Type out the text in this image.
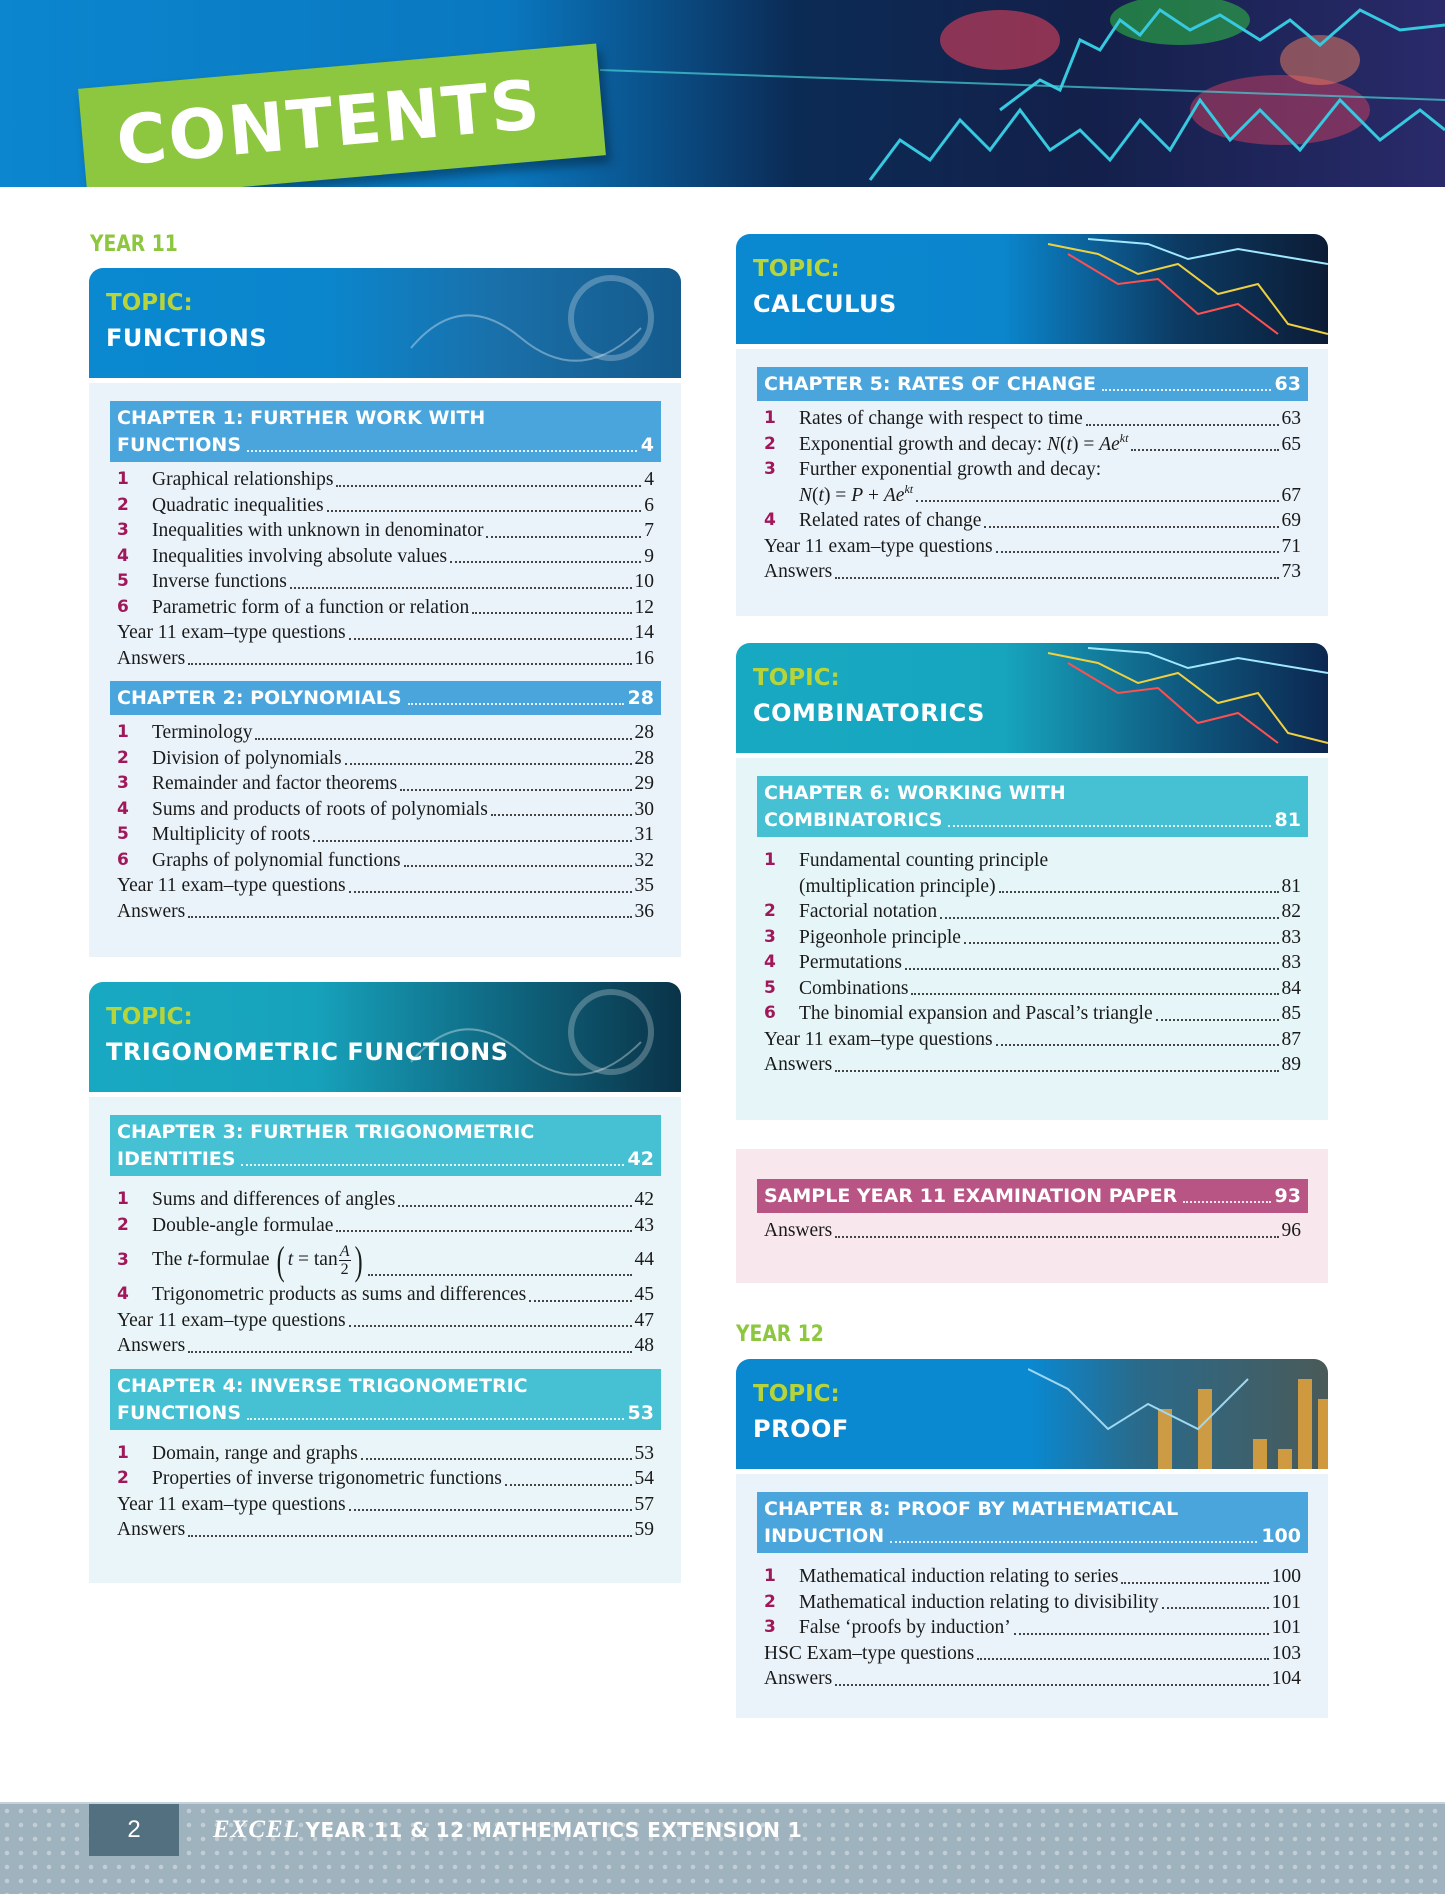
CONTENTS
YEAR 11
YEAR 12
TOPIC:
FUNCTIONS
CHAPTER 1: FURTHER WORK WITH
FUNCTIONS	4
1	Graphical relationships	4
2	Quadratic inequalities	6
3	Inequalities with unknown in denominator	7
4	Inequalities involving absolute values	9
5	Inverse functions	10
6	Parametric form of a function or relation	12
Year 11 exam–type questions	14
Answers	16
CHAPTER 2: POLYNOMIALS	28
1	Terminology	28
2	Division of polynomials	28
3	Remainder and factor theorems	29
4	Sums and products of roots of polynomials	30
5	Multiplicity of roots	31
6	Graphs of polynomial functions	32
Year 11 exam–type questions	35
Answers	36
TOPIC:
TRIGONOMETRIC FUNCTIONS
CHAPTER 3: FURTHER TRIGONOMETRIC
IDENTITIES	42
1	Sums and differences of angles	42
2	Double-angle formulae	43
3	The t-formulae ( $t = \tan \frac{A}{2}$ )	44
4	Trigonometric products as sums and differences	45
Year 11 exam–type questions	47
Answers	48
CHAPTER 4: INVERSE TRIGONOMETRIC
FUNCTIONS	53
1	Domain, range and graphs	53
2	Properties of inverse trigonometric functions	54
Year 11 exam–type questions	57
Answers	59
TOPIC:
CALCULUS
CHAPTER 5: RATES OF CHANGE	63
1	Rates of change with respect to time	63
2	Exponential growth and decay: $N(t) = Ae^{kt}$	65
3	Further exponential growth and decay:
$N(t) = P + Ae^{kt}$	67
4	Related rates of change	69
Year 11 exam–type questions	71
Answers	73
TOPIC:
COMBINATORICS
CHAPTER 6: WORKING WITH
COMBINATORICS	81
1	Fundamental counting principle
(multiplication principle)	81
2	Factorial notation	82
3	Pigeonhole principle	83
4	Permutations	83
5	Combinations	84
6	The binomial expansion and Pascal’s triangle	85
Year 11 exam–type questions	87
Answers	89
SAMPLE YEAR 11 EXAMINATION PAPER	93
Answers	96
TOPIC:
PROOF
CHAPTER 8: PROOF BY MATHEMATICAL
INDUCTION	100
1	Mathematical induction relating to series	100
2	Mathematical induction relating to divisibility	101
3	False ‘proofs by induction’	101
HSC Exam–type questions	103
Answers	104
2	EXCEL YEAR 11 & 12 MATHEMATICS EXTENSION 1
